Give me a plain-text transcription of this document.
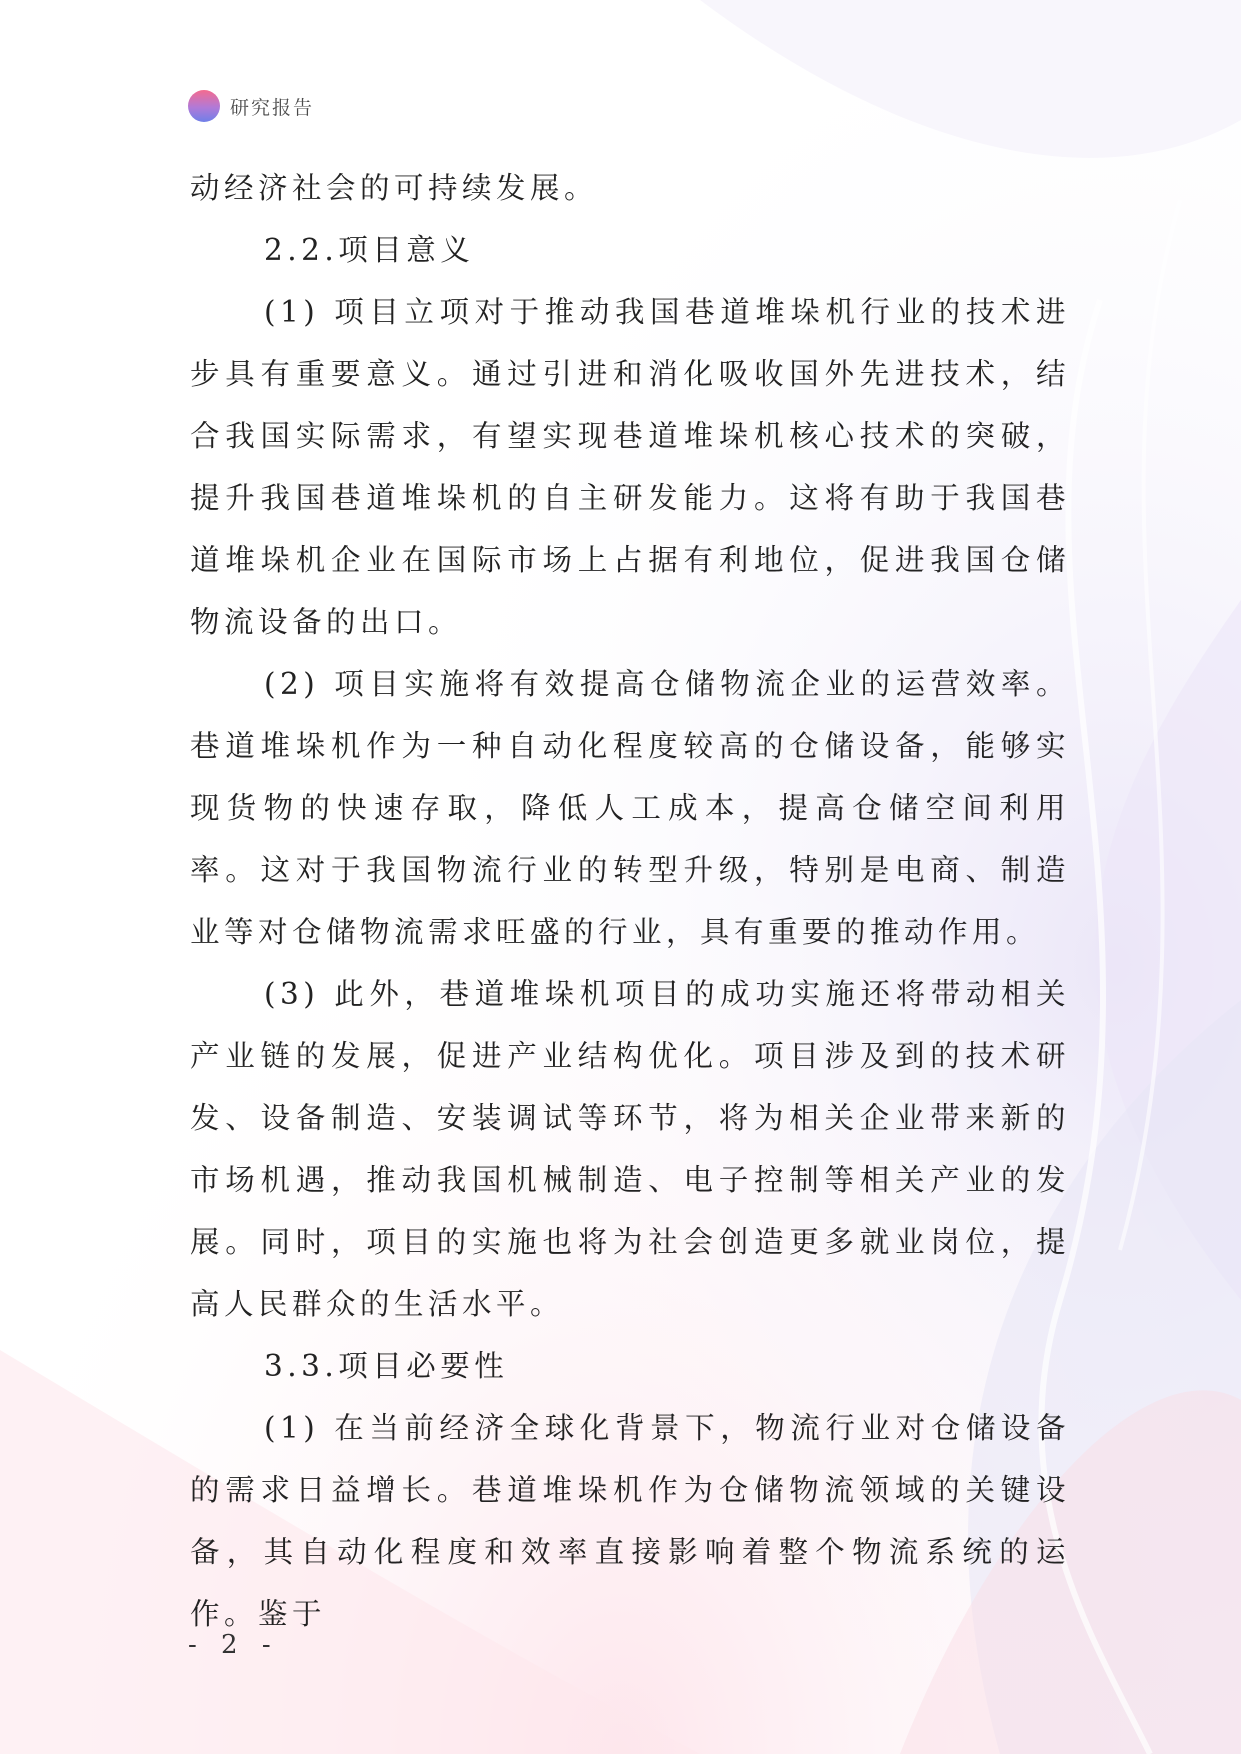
研究报告

动经济社会的可持续发展。

2.2.项目意义

(1) 项目立项对于推动我国巷道堆垛机行业的技术进步具有重要意义。通过引进和消化吸收国外先进技术，结合我国实际需求，有望实现巷道堆垛机核心技术的突破，提升我国巷道堆垛机的自主研发能力。这将有助于我国巷道堆垛机企业在国际市场上占据有利地位，促进我国仓储物流设备的出口。

(2) 项目实施将有效提高仓储物流企业的运营效率。巷道堆垛机作为一种自动化程度较高的仓储设备，能够实现货物的快速存取，降低人工成本，提高仓储空间利用率。这对于我国物流行业的转型升级，特别是电商、制造业等对仓储物流需求旺盛的行业，具有重要的推动作用。

(3) 此外，巷道堆垛机项目的成功实施还将带动相关产业链的发展，促进产业结构优化。项目涉及到的技术研发、设备制造、安装调试等环节，将为相关企业带来新的市场机遇，推动我国机械制造、电子控制等相关产业的发展。同时，项目的实施也将为社会创造更多就业岗位，提高人民群众的生活水平。

3.3.项目必要性

(1) 在当前经济全球化背景下，物流行业对仓储设备的需求日益增长。巷道堆垛机作为仓储物流领域的关键设备，其自动化程度和效率直接影响着整个物流系统的运作。鉴于

- 2 -
